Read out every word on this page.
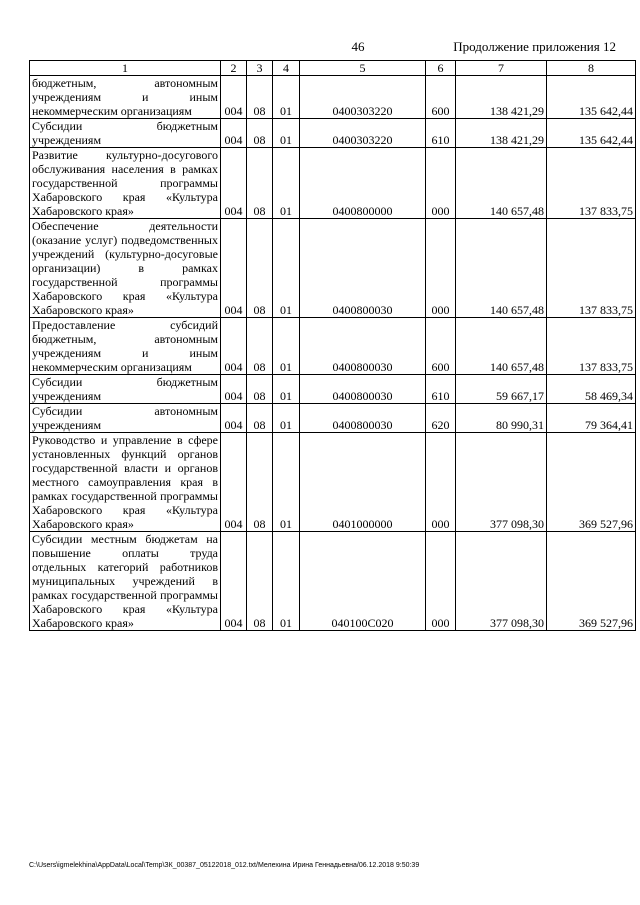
46	Продолжение приложения 12
1	2	3	4	5	6	7	8
бюджетным, автономным учреждениям и иным некоммерческим организациям	004	08	01	0400303220	600	138 421,29	135 642,44
Субсидии бюджетным учреждениям	004	08	01	0400303220	610	138 421,29	135 642,44
Развитие культурно-досугового обслуживания населения в рамках государственной программы Хабаровского края «Культура Хабаровского края»	004	08	01	0400800000	000	140 657,48	137 833,75
Обеспечение деятельности (оказание услуг) подведомственных учреждений (культурно-досуговые организации) в рамках государственной программы Хабаровского края «Культура Хабаровского края»	004	08	01	0400800030	000	140 657,48	137 833,75
Предоставление субсидий бюджетным, автономным учреждениям и иным некоммерческим организациям	004	08	01	0400800030	600	140 657,48	137 833,75
Субсидии бюджетным учреждениям	004	08	01	0400800030	610	59 667,17	58 469,34
Субсидии автономным учреждениям	004	08	01	0400800030	620	80 990,31	79 364,41
Руководство и управление в сфере установленных функций органов государственной власти и органов местного самоуправления края в рамках государственной программы Хабаровского края «Культура Хабаровского края»	004	08	01	0401000000	000	377 098,30	369 527,96
Субсидии местным бюджетам на повышение оплаты труда отдельных категорий работников муниципальных учреждений в рамках государственной программы Хабаровского края «Культура Хабаровского края»	004	08	01	040100С020	000	377 098,30	369 527,96
C:\Users\igmelekhina\AppData\Local\Temp\ЗК_00387_05122018_012.txt/Мелехина Ирина Геннадьевна/06.12.2018 9:50:39
